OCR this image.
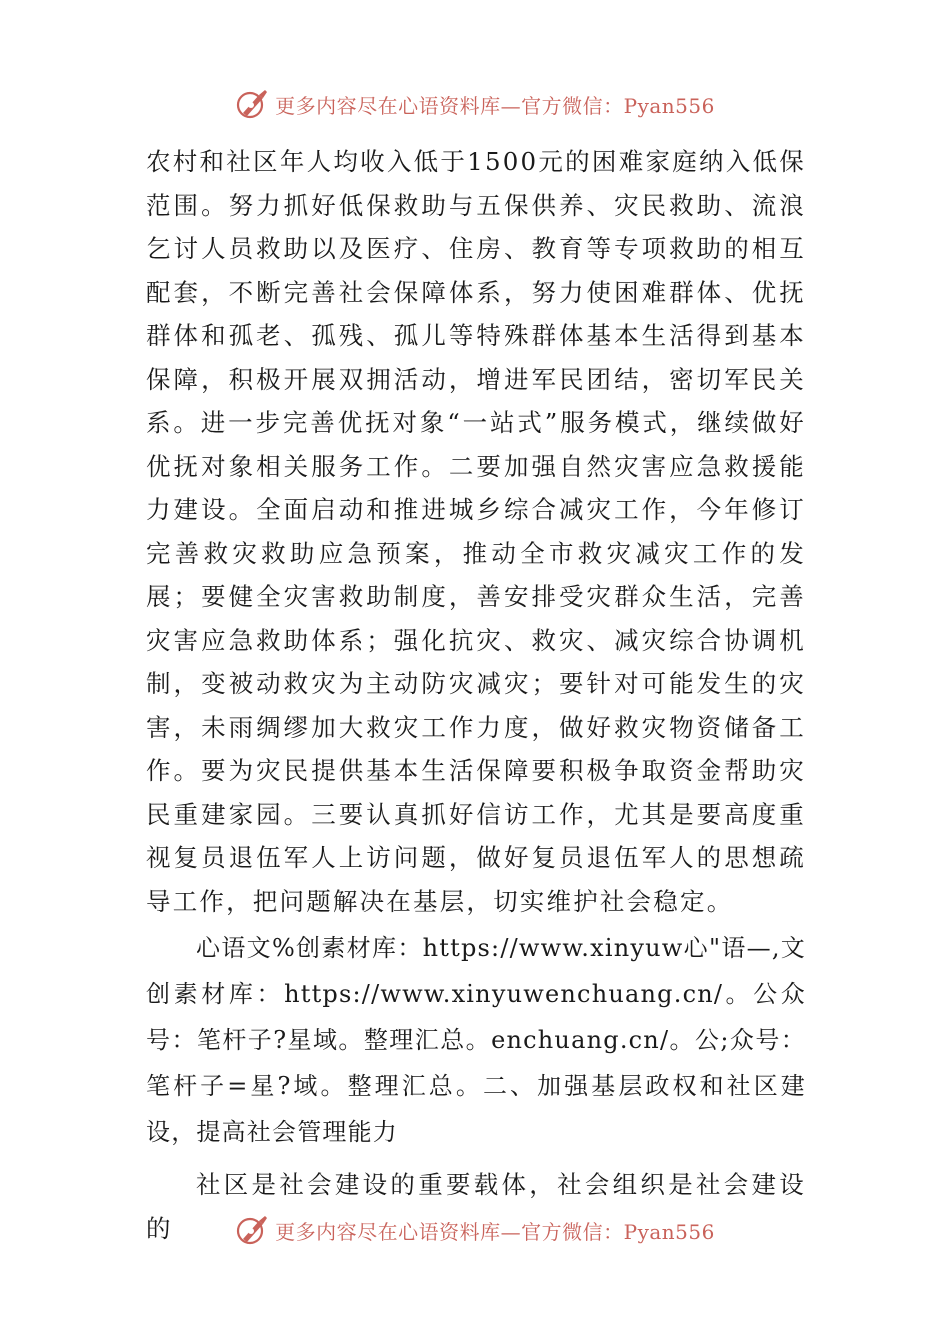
更多内容尽在心语资料库—官方微信：Pyan556

农村和社区年人均收入低于1500元的困难家庭纳入低保范围。努力抓好低保救助与五保供养、灾民救助、流浪乞讨人员救助以及医疗、住房、教育等专项救助的相互配套，不断完善社会保障体系，努力使困难群体、优抚群体和孤老、孤残、孤儿等特殊群体基本生活得到基本保障，积极开展双拥活动，增进军民团结，密切军民关系。进一步完善优抚对象“一站式”服务模式，继续做好优抚对象相关服务工作。二要加强自然灾害应急救援能力建设。全面启动和推进城乡综合减灾工作，今年修订完善救灾救助应急预案，推动全市救灾减灾工作的发展；要健全灾害救助制度，善安排受灾群众生活，完善灾害应急救助体系；强化抗灾、救灾、减灾综合协调机制，变被动救灾为主动防灾减灾；要针对可能发生的灾害，未雨绸缪加大救灾工作力度，做好救灾物资储备工作。要为灾民提供基本生活保障要积极争取资金帮助灾民重建家园。三要认真抓好信访工作，尤其是要高度重视复员退伍军人上访问题，做好复员退伍军人的思想疏导工作，把问题解决在基层，切实维护社会稳定。

心语文%创素材库：https://www.xinyuw心"语—,文创素材库：https://www.xinyuwenchuang.cn/。公众号：笔杆子?星域。整理汇总。enchuang.cn/。公;众号：笔杆子=星?域。整理汇总。二、加强基层政权和社区建设，提高社会管理能力

社区是社会建设的重要载体，社会组织是社会建设的	更多内容尽在心语资料库—官方微信：Pyan556
